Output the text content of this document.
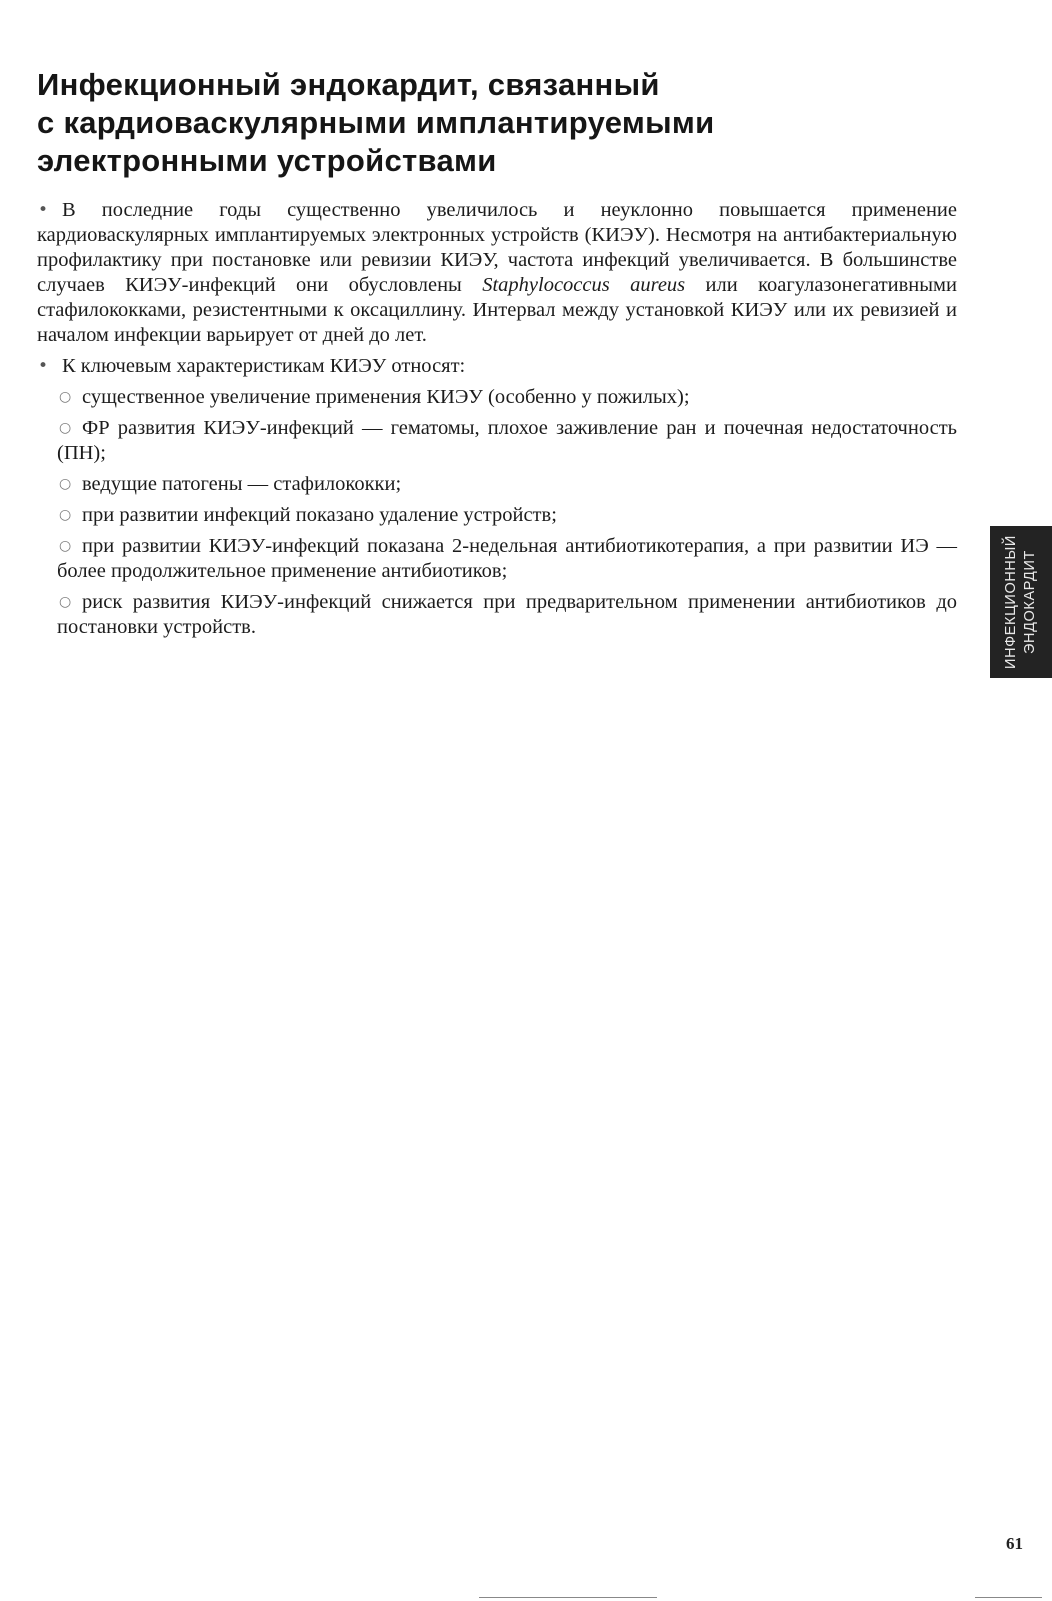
Инфекционный эндокардит, связанный
с кардиоваскулярными имплантируемыми
электронными устройствами

• В последние годы существенно увеличилось и неуклонно повышается применение кардиоваскулярных имплантируемых электронных устройств (КИЭУ). Несмотря на антибактериальную профилактику при постановке или ревизии КИЭУ, частота инфекций увеличивается. В большинстве случаев КИЭУ-инфекций они обусловлены Staphylococcus aureus или коагулазонегативными стафилококками, резистентными к оксациллину. Интервал между установкой КИЭУ или их ревизией и началом инфекции варьирует от дней до лет.

• К ключевым характеристикам КИЭУ относят:

○ существенное увеличение применения КИЭУ (особенно у пожилых);

○ ФР развития КИЭУ-инфекций — гематомы, плохое заживление ран и почечная недостаточность (ПН);

○ ведущие патогены — стафилококки;

○ при развитии инфекций показано удаление устройств;

○ при развитии КИЭУ-инфекций показана 2-недельная антибиотикотерапия, а при развитии ИЭ — более продолжительное применение антибиотиков;

○ риск развития КИЭУ-инфекций снижается при предварительном применении антибиотиков до постановки устройств.	ИНФЕКЦИОННЫЙ ЭНДОКАРДИТ
61
